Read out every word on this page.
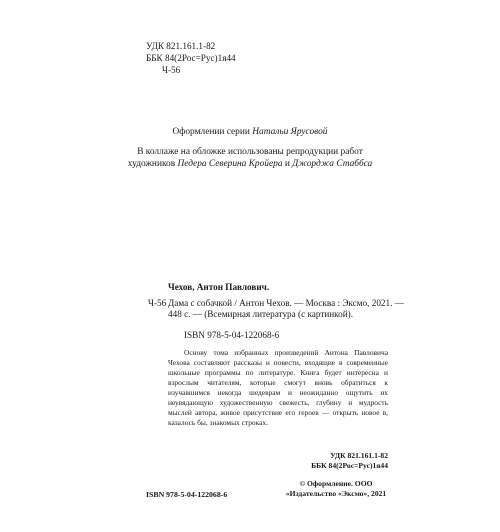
УДК 821.161.1-82
ББК 84(2Рос=Рус)1я44
Ч-56
Оформлении серии Натальи Ярусовой
В коллаже на обложке использованы репродукции работ
художников Педера Северина Кройера и Джорджа Стаббса
Чехов, Антон Павлович.
Ч-56 Дама с собачкой / Антон Чехов. — Москва : Эксмо, 2021. — 448 с. — (Всемирная литература (с картинкой).
ISBN 978-5-04-122068-6
Основу тома избранных произведений Антона Павловича Чехова составляют рассказы и повести, входящие в современные школьные программы по литературе. Книга будет интересна и взрослым читателям, которые смогут вновь обратиться к изучавшимся некогда шедеврам и неожиданно ощутить их неувядающую художественную свежесть, глубину и мудрость мыслей автора, живое присутствие его героев — открыть новое в, казалось бы, знакомых строках.
УДК 821.161.1-82
ББК 84(2Рос=Рус)1я44
ISBN 978-5-04-122068-6
© Оформление. ООО «Издательство «Эксмо», 2021
